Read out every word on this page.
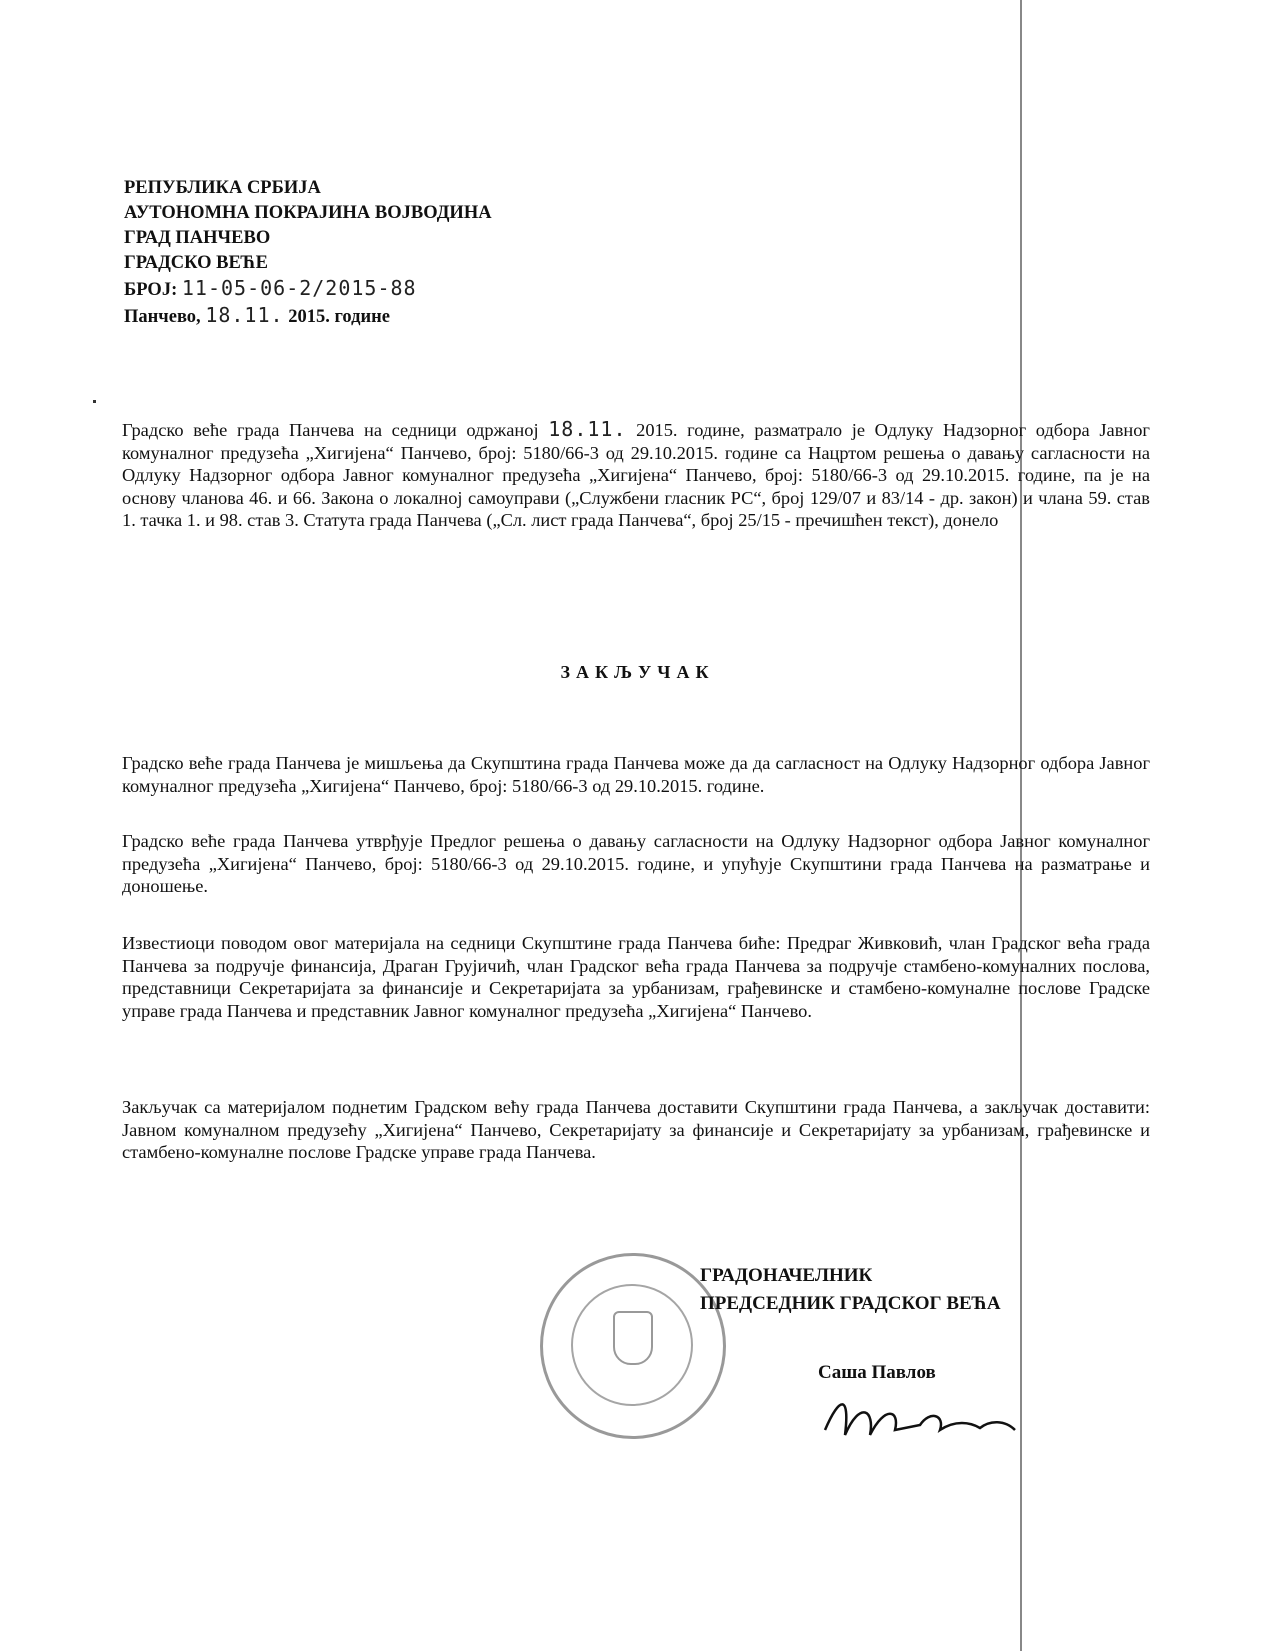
РЕПУБЛИКА СРБИЈА
АУТОНОМНА ПОКРАЈИНА ВОЈВОДИНА
ГРАД ПАНЧЕВО
ГРАДСКО ВЕЋЕ
БРОЈ: 11-05-06-2/2015-88
Панчево, 18.11. 2015. године
Градско веће града Панчева на седници одржаној 18.11. 2015. године, разматрало је Одлуку Надзорног одбора Јавног комуналног предузећа „Хигијена“ Панчево, број: 5180/66-3 од 29.10.2015. године са Нацртом решења о давању сагласности на Одлуку Надзорног одбора Јавног комуналног предузећа „Хигијена“ Панчево, број: 5180/66-3 од 29.10.2015. године, па је на основу чланова 46. и 66. Закона о локалној самоуправи („Службени гласник РС“, број 129/07 и 83/14 - др. закон) и члана 59. став 1. тачка 1. и 98. став 3. Статута града Панчева („Сл. лист града Панчева“, број 25/15 - пречишћен текст), донело
ЗАКЉУЧАК
Градско веће града Панчева је мишљења да Скупштина града Панчева може да да сагласност на Одлуку Надзорног одбора Јавног комуналног предузећа „Хигијена“ Панчево, број: 5180/66-3 од 29.10.2015. године.
Градско веће града Панчева утврђује Предлог решења о давању сагласности на Одлуку Надзорног одбора Јавног комуналног предузећа „Хигијена“ Панчево, број: 5180/66-3 од 29.10.2015. године, и упућује Скупштини града Панчева на разматрање и доношење.
Известиоци поводом овог материјала на седници Скупштине града Панчева биће: Предраг Живковић, члан Градског већа града Панчева за подручје финансија, Драган Грујичић, члан Градског већа града Панчева за подручје стамбено-комуналних послова, представници Секретаријата за финансије и Секретаријата за урбанизам, грађевинске и стамбено-комуналне послове Градске управе града Панчева и представник Јавног комуналног предузећа „Хигијена“ Панчево.
Закључак са материјалом поднетим Градском већу града Панчева доставити Скупштини града Панчева, а закључак доставити: Јавном комуналном предузећу „Хигијена“ Панчево, Секретаријату за финансије и Секретаријату за урбанизам, грађевинске и стамбено-комуналне послове Градске управе града Панчева.
ГРАДОНАЧЕЛНИК
ПРЕДСЕДНИК ГРАДСКОГ ВЕЋА
Саша Павлов
